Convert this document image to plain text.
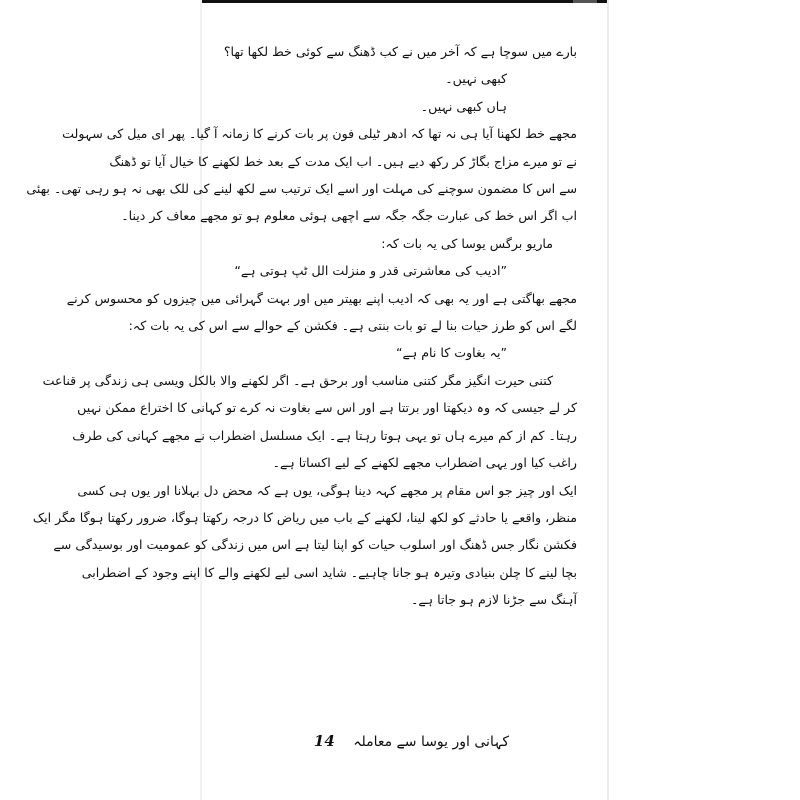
بارے میں سوچا ہے کہ آخر میں نے کب ڈھنگ سے کوئی خط لکھا تھا؟
کبھی نہیں۔
ہاں کبھی نہیں۔
مجھے خط لکھنا آیا ہی نہ تھا کہ ادھر ٹیلی فون پر بات کرنے کا زمانہ آ گیا۔ پھر ای میل کی سہولت
نے تو میرے مزاج بگاڑ کر رکھ دیے ہیں۔ اب ایک مدت کے بعد خط لکھنے کا خیال آیا تو ڈھنگ
سے اس کا مضمون سوچنے کی مہلت اور اسے ایک ترتیب سے لکھ لینے کی للک بھی نہ ہو رہی تھی۔ بھئی
اب اگر اس خط کی عبارت جگہ جگہ سے اچھی ہوئی معلوم ہو تو مجھے معاف کر دینا۔
ماریو برگس یوسا کی یہ بات کہ:
”ادیب کی معاشرتی قدر و منزلت الل ٹپ ہوتی ہے“
مجھے بھاگتی ہے اور یہ بھی کہ ادیب اپنے بھیتر میں اور بہت گہرائی میں چیزوں کو محسوس کرنے
لگے اس کو طرز حیات بنا لے تو بات بنتی ہے۔ فکشن کے حوالے سے اس کی یہ بات کہ:
”یہ بغاوت کا نام ہے“
کتنی حیرت انگیز مگر کتنی مناسب اور برحق ہے۔ اگر لکھنے والا بالکل ویسی ہی زندگی پر قناعت
کر لے جیسی کہ وہ دیکھتا اور برتتا ہے اور اس سے بغاوت نہ کرے تو کہانی کا اختراع ممکن نہیں
رہتا۔ کم از کم میرے ہاں تو یہی ہوتا رہتا ہے۔ ایک مسلسل اضطراب نے مجھے کہانی کی طرف
راغب کیا اور یہی اضطراب مجھے لکھنے کے لیے اکساتا ہے۔
ایک اور چیز جو اس مقام پر مجھے کہہ دینا ہوگی، یوں ہے کہ محض دل بہلانا اور یوں ہی کسی
منظر، واقعے یا حادثے کو لکھ لینا، لکھنے کے باب میں ریاض کا درجہ رکھتا ہوگا، ضرور رکھتا ہوگا مگر ایک
فکشن نگار جس ڈھنگ اور اسلوب حیات کو اپنا لیتا ہے اس میں زندگی کو عمومیت اور بوسیدگی سے
بچا لینے کا چلن بنیادی وتیرہ ہو جانا چاہیے۔ شاید اسی لیے لکھنے والے کا اپنے وجود کے اضطرابی
آہنگ سے جڑنا لازم ہو جاتا ہے۔
کہانی اور یوسا سے معاملہ 14
